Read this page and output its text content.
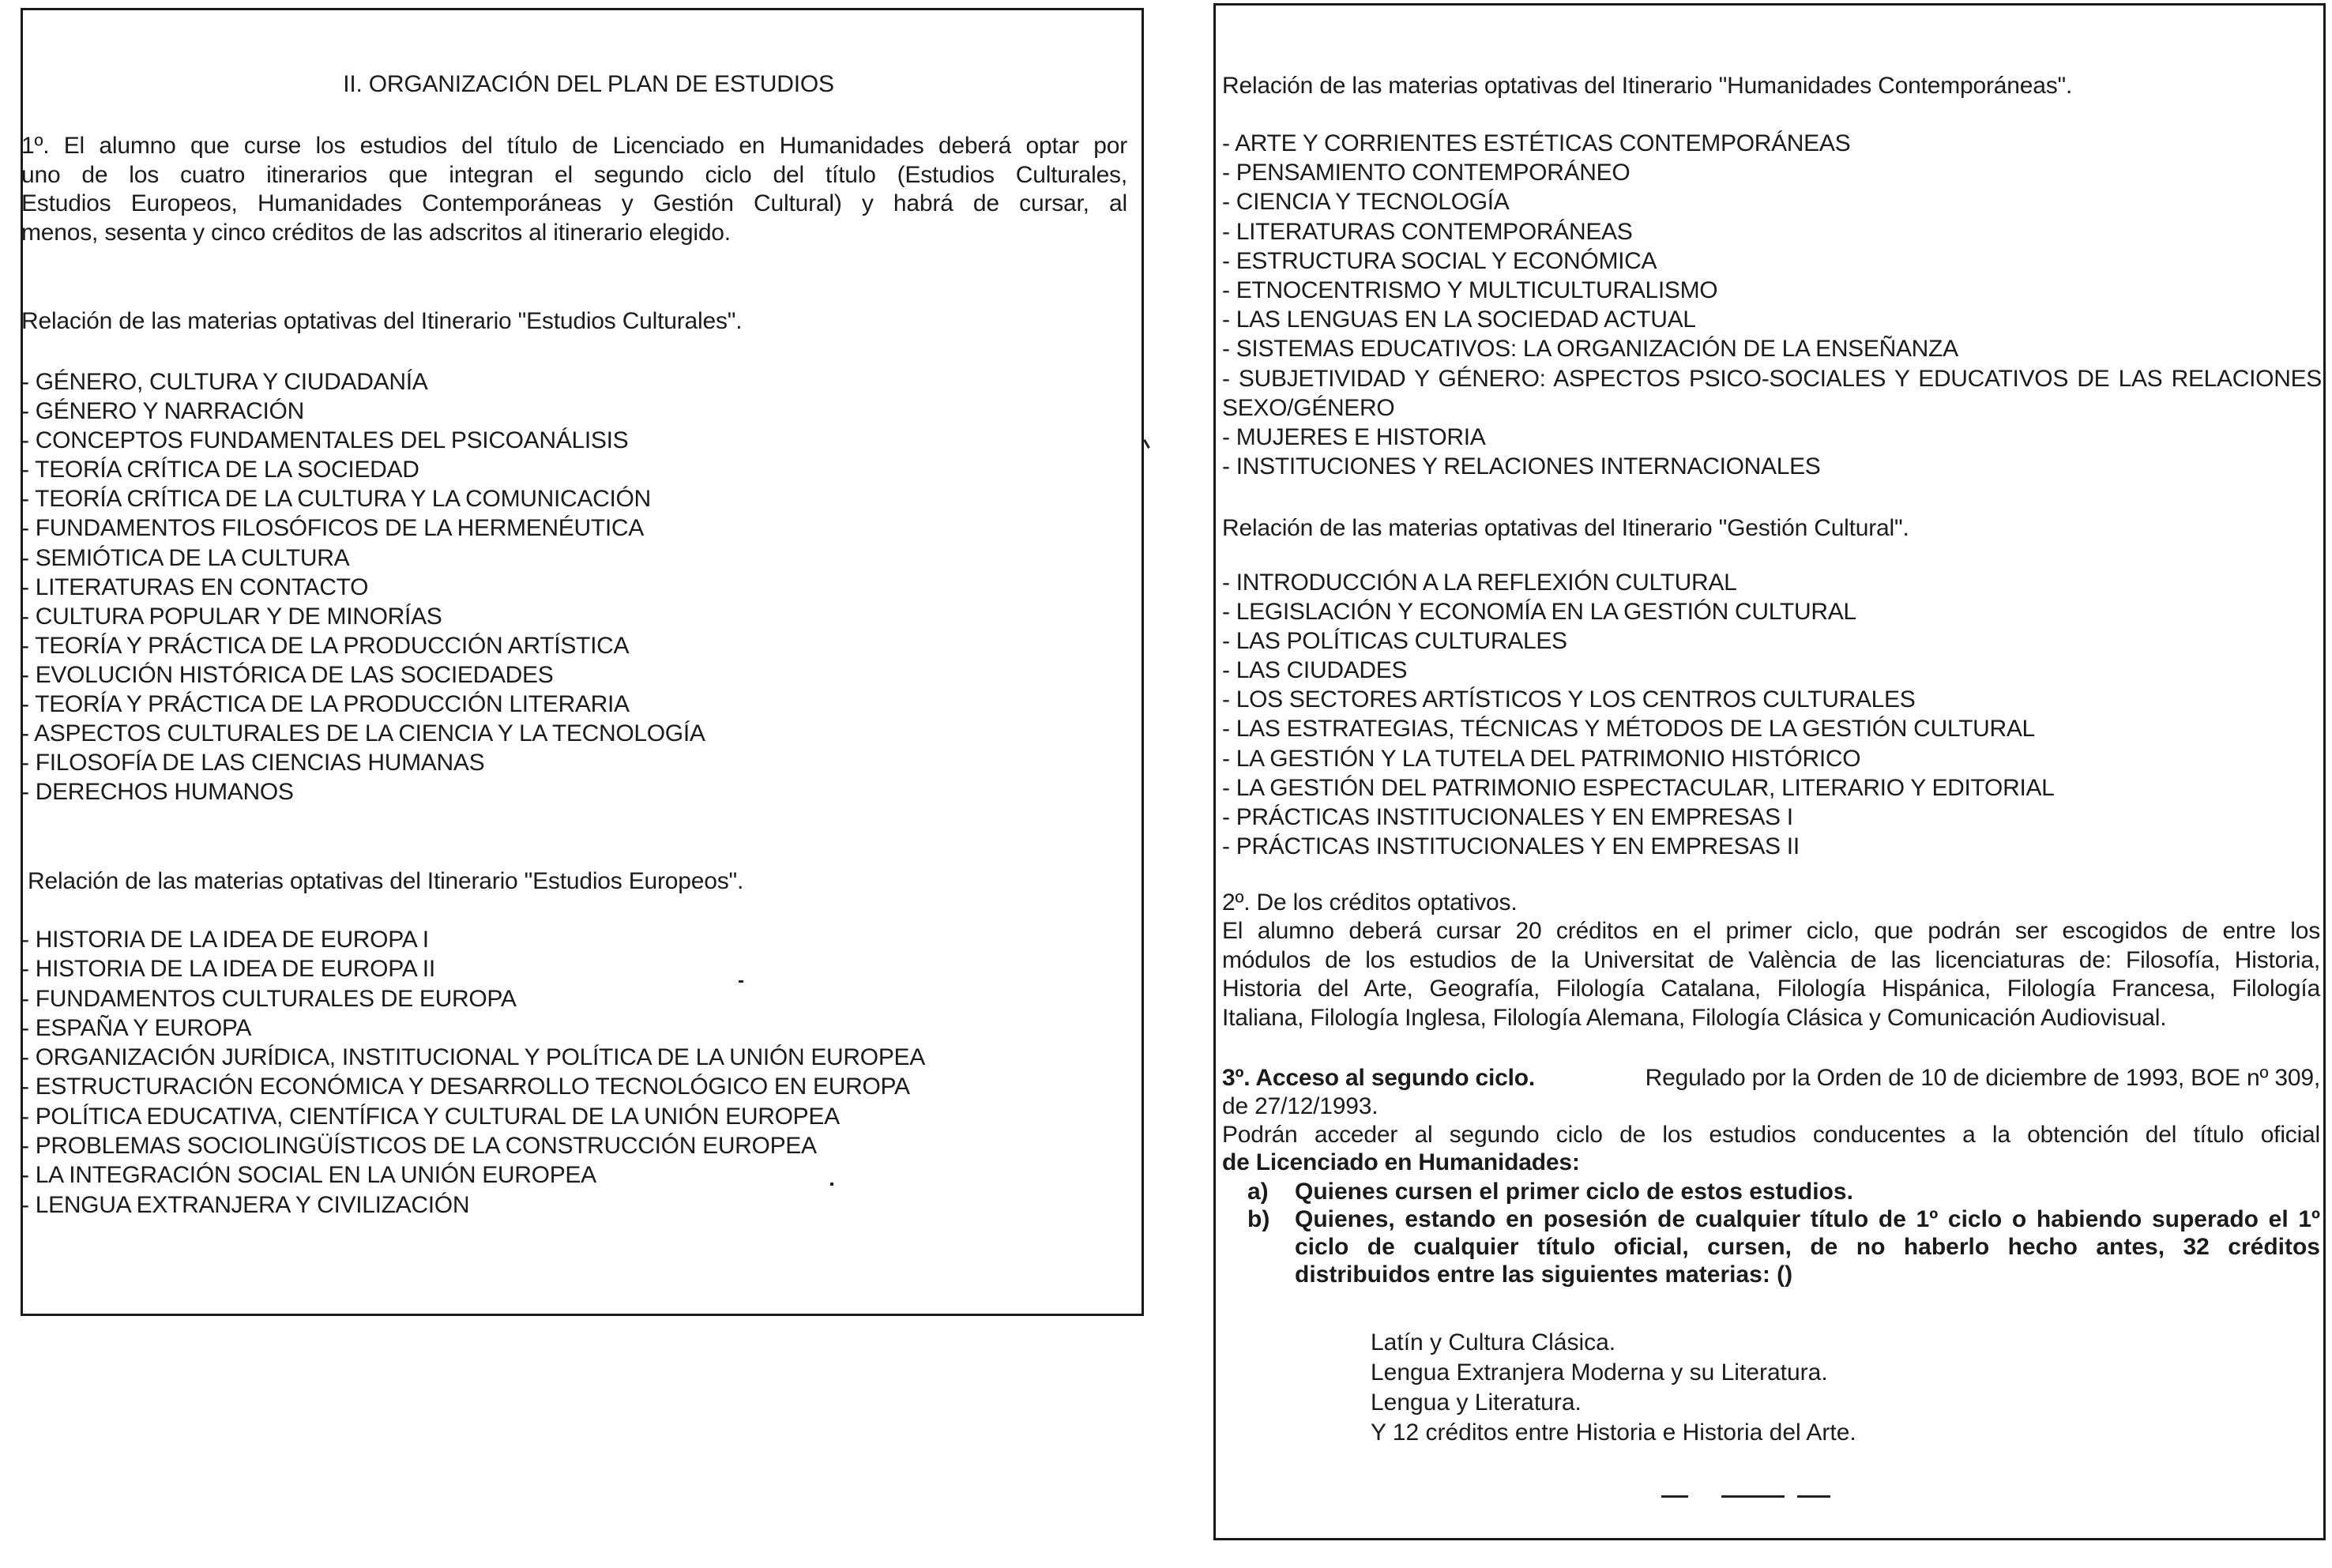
II. ORGANIZACIÓN DEL PLAN DE ESTUDIOS
1º. El alumno que curse los estudios del título de Licenciado en Humanidades deberá optar por
uno de los cuatro itinerarios que integran el segundo ciclo del título (Estudios Culturales,
Estudios Europeos, Humanidades Contemporáneas y Gestión Cultural) y habrá de cursar, al
menos, sesenta y cinco créditos de las adscritos al itinerario elegido.
Relación de las materias optativas del Itinerario "Estudios Culturales".
- GÉNERO, CULTURA Y CIUDADANÍA
- GÉNERO Y NARRACIÓN
- CONCEPTOS FUNDAMENTALES DEL PSICOANÁLISIS
- TEORÍA CRÍTICA DE LA SOCIEDAD
- TEORÍA CRÍTICA DE LA CULTURA Y LA COMUNICACIÓN
- FUNDAMENTOS FILOSÓFICOS DE LA HERMENÉUTICA
- SEMIÓTICA DE LA CULTURA
- LITERATURAS EN CONTACTO
- CULTURA POPULAR Y DE MINORÍAS
- TEORÍA Y PRÁCTICA DE LA PRODUCCIÓN ARTÍSTICA
- EVOLUCIÓN HISTÓRICA DE LAS SOCIEDADES
- TEORÍA Y PRÁCTICA DE LA PRODUCCIÓN LITERARIA
- ASPECTOS CULTURALES DE LA CIENCIA Y LA TECNOLOGÍA
- FILOSOFÍA DE LAS CIENCIAS HUMANAS
- DERECHOS HUMANOS
Relación de las materias optativas del Itinerario "Estudios Europeos".
- HISTORIA DE LA IDEA DE EUROPA I
- HISTORIA DE LA IDEA DE EUROPA II
- FUNDAMENTOS CULTURALES DE EUROPA
- ESPAÑA Y EUROPA
- ORGANIZACIÓN JURÍDICA, INSTITUCIONAL Y POLÍTICA DE LA UNIÓN EUROPEA
- ESTRUCTURACIÓN ECONÓMICA Y DESARROLLO TECNOLÓGICO EN EUROPA
- POLÍTICA EDUCATIVA, CIENTÍFICA Y CULTURAL DE LA UNIÓN EUROPEA
- PROBLEMAS SOCIOLINGÜÍSTICOS DE LA CONSTRUCCIÓN EUROPEA
- LA INTEGRACIÓN SOCIAL EN LA UNIÓN EUROPEA
- LENGUA EXTRANJERA Y CIVILIZACIÓN
Relación de las materias optativas del Itinerario "Humanidades Contemporáneas".
- ARTE Y CORRIENTES ESTÉTICAS CONTEMPORÁNEAS
- PENSAMIENTO CONTEMPORÁNEO
- CIENCIA Y TECNOLOGÍA
- LITERATURAS CONTEMPORÁNEAS
- ESTRUCTURA SOCIAL Y ECONÓMICA
- ETNOCENTRISMO Y MULTICULTURALISMO
- LAS LENGUAS EN LA SOCIEDAD ACTUAL
- SISTEMAS EDUCATIVOS: LA ORGANIZACIÓN DE LA ENSEÑANZA
- SUBJETIVIDAD Y GÉNERO: ASPECTOS PSICO-SOCIALES Y EDUCATIVOS DE LAS RELACIONES
SEXO/GÉNERO
- MUJERES E HISTORIA
- INSTITUCIONES Y RELACIONES INTERNACIONALES
Relación de las materias optativas del Itinerario "Gestión Cultural".
- INTRODUCCIÓN A LA REFLEXIÓN CULTURAL
- LEGISLACIÓN Y ECONOMÍA EN LA GESTIÓN CULTURAL
- LAS POLÍTICAS CULTURALES
- LAS CIUDADES
- LOS SECTORES ARTÍSTICOS Y LOS CENTROS CULTURALES
- LAS ESTRATEGIAS, TÉCNICAS Y MÉTODOS DE LA GESTIÓN CULTURAL
- LA GESTIÓN Y LA TUTELA DEL PATRIMONIO HISTÓRICO
- LA GESTIÓN DEL PATRIMONIO ESPECTACULAR, LITERARIO Y EDITORIAL
- PRÁCTICAS INSTITUCIONALES Y EN EMPRESAS I
- PRÁCTICAS INSTITUCIONALES Y EN EMPRESAS II
2º. De los créditos optativos.
El alumno deberá cursar 20 créditos en el primer ciclo, que podrán ser escogidos de entre los
módulos de los estudios de la Universitat de València de las licenciaturas de: Filosofía, Historia,
Historia del Arte, Geografía, Filología Catalana, Filología Hispánica, Filología Francesa, Filología
Italiana, Filología Inglesa, Filología Alemana, Filología Clásica y Comunicación Audiovisual.
3º. Acceso al segundo ciclo.	Regulado por la Orden de 10 de diciembre de 1993, BOE nº 309,
de 27/12/1993.
Podrán acceder al segundo ciclo de los estudios conducentes a la obtención del título oficial
de Licenciado en Humanidades:
a) Quienes cursen el primer ciclo de estos estudios.
b) Quienes, estando en posesión de cualquier título de 1º ciclo o habiendo superado el 1º
ciclo de cualquier título oficial, cursen, de no haberlo hecho antes, 32 créditos
distribuidos entre las siguientes materias: ()
Latín y Cultura Clásica.
Lengua Extranjera Moderna y su Literatura.
Lengua y Literatura.
Y 12 créditos entre Historia e Historia del Arte.
